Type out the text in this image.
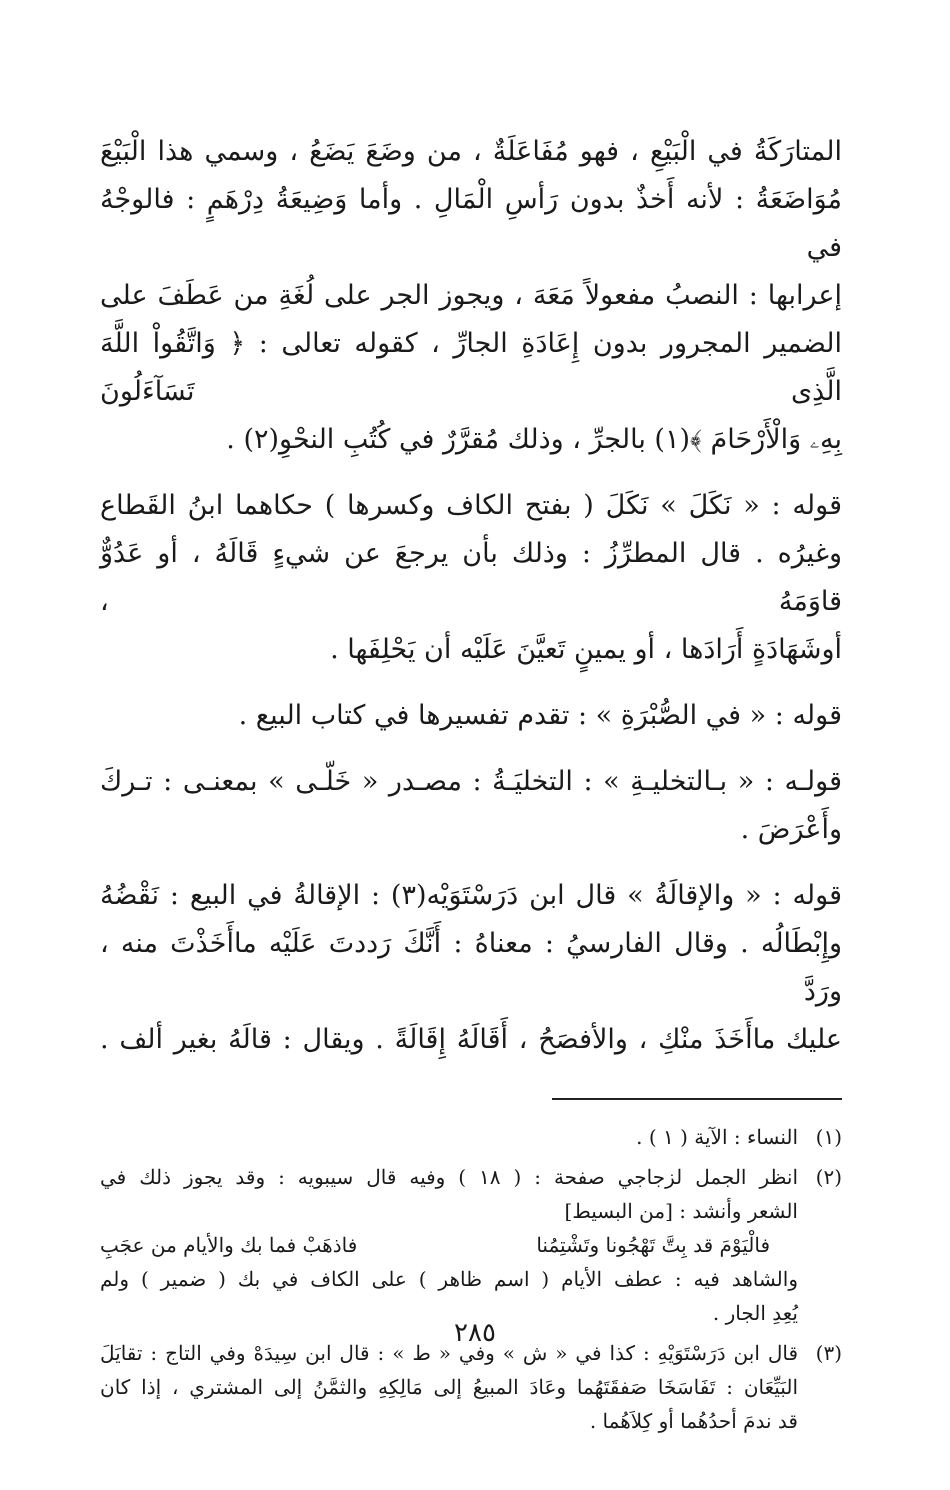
المتارَكَةُ في الْبَيْعِ ، فهو مُفَاعَلَةٌ ، من وضَعَ يَضَعُ ، وسمي هذا الْبَيْعَ
مُوَاضَعَةُ : لأنه أَخذٌ بدون رَأسِ الْمَالِ . وأما وَضِيعَةُ دِرْهَمٍ : فالوجْهُ في
إعرابها : النصبُ مفعولاً مَعَهَ ، ويجوز الجر على لُغَةِ من عَطَفَ على
الضمير المجرور بدون إِعَادَةِ الجارِّ ، كقوله تعالى : ﴿ وَاتَّقُواْ اللَّهَ الَّذِى تَسَآءَلُونَ
بِهِۦ وَالْأَرْحَامَ ﴾(١) بالجرِّ ، وذلك مُقرَّرٌ في كُتُبِ النحْوِ(٢) .

قوله : « نَكَلَ » نَكَلَ ( بفتح الكاف وكسرها ) حكاهما ابنُ القَطاع
وغيرُه . قال المطرِّزُ : وذلك بأن يرجعَ عن شيءٍ قَالَهُ ، أو عَدُوٌّ قاوَمَهُ ،
أوشَهَادَةٍ أَرَادَها ، أو يمينٍ تَعيَّنَ عَلَيْه أن يَحْلِفَها .

قوله : « في الصُّبْرَةِ » : تقدم تفسيرها في كتاب البيع .

قولـه : « بـالتخليـةِ » : التخليَـةُ : مصـدر « خَلّـى » بمعنـى : تـركَ
وأَعْرَضَ .

قوله : « والإقالَةُ » قال ابن دَرَسْتَوَيْه(٣) : الإقالةُ في البيع : نَقْضُهُ
وإِبْطَالُه . وقال الفارسيُ : معناهُ : أَنَّكَ رَددتَ عَلَيْه ماأَخَذْتَ منه ، ورَدَّ
عليك ماأَخَذَ منْكِ ، والأفصَحُ ، أَقَالَهُ إِقَالَةً . ويقال : قالَهُ بغير ألف .

(١)
النساء : الآية ( ١ ) .
(٢)
انظر الجمل لزجاجي صفحة : ( ١٨ ) وفيه قال سيبويه : وقد يجوز ذلك في
الشعر وأنشد : [من البسيط]
فالْيَوْمَ قد بِتَّ تَهْجُونا وتَشْتِمُنا
فاذهَبْ فما بك والأيام من عجَبِ
والشاهد فيه : عطف الأيام ( اسم ظاهر ) على الكاف في بك ( ضمير ) ولم
يُعِدِ الجار .
(٣)
قال ابن دَرَسْتَوَيْهِ : كذا في « ش » وفي « ط » : قال ابن سِيدَهْ وفي التاج : تقايَلَ
البَيِّعَان : تَفَاسَخَا صَفقَتَهُما وعَادَ المبيعُ إلى مَالِكِهِ والثمَّنُ إلى المشتري ، إذا كان
قد ندمَ أحدُهُما أو كِلاَهُما .
٢٨٥
